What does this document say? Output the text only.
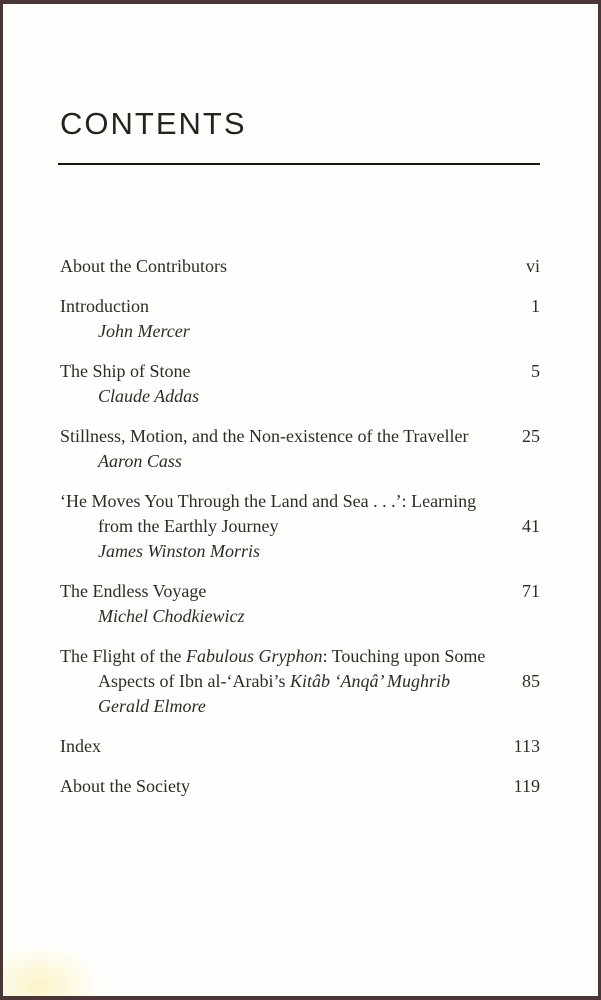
CONTENTS
About the Contributors	vi
Introduction	1
John Mercer
The Ship of Stone	5
Claude Addas
Stillness, Motion, and the Non-existence of the Traveller	25
Aaron Cass
‘He Moves You Through the Land and Sea . . .’: Learning
from the Earthly Journey	41
James Winston Morris
The Endless Voyage	71
Michel Chodkiewicz
The Flight of the Fabulous Gryphon: Touching upon Some
Aspects of Ibn al-‘Arabi’s Kitâb ‘Anqâ’ Mughrib	85
Gerald Elmore
Index	113
About the Society	119
